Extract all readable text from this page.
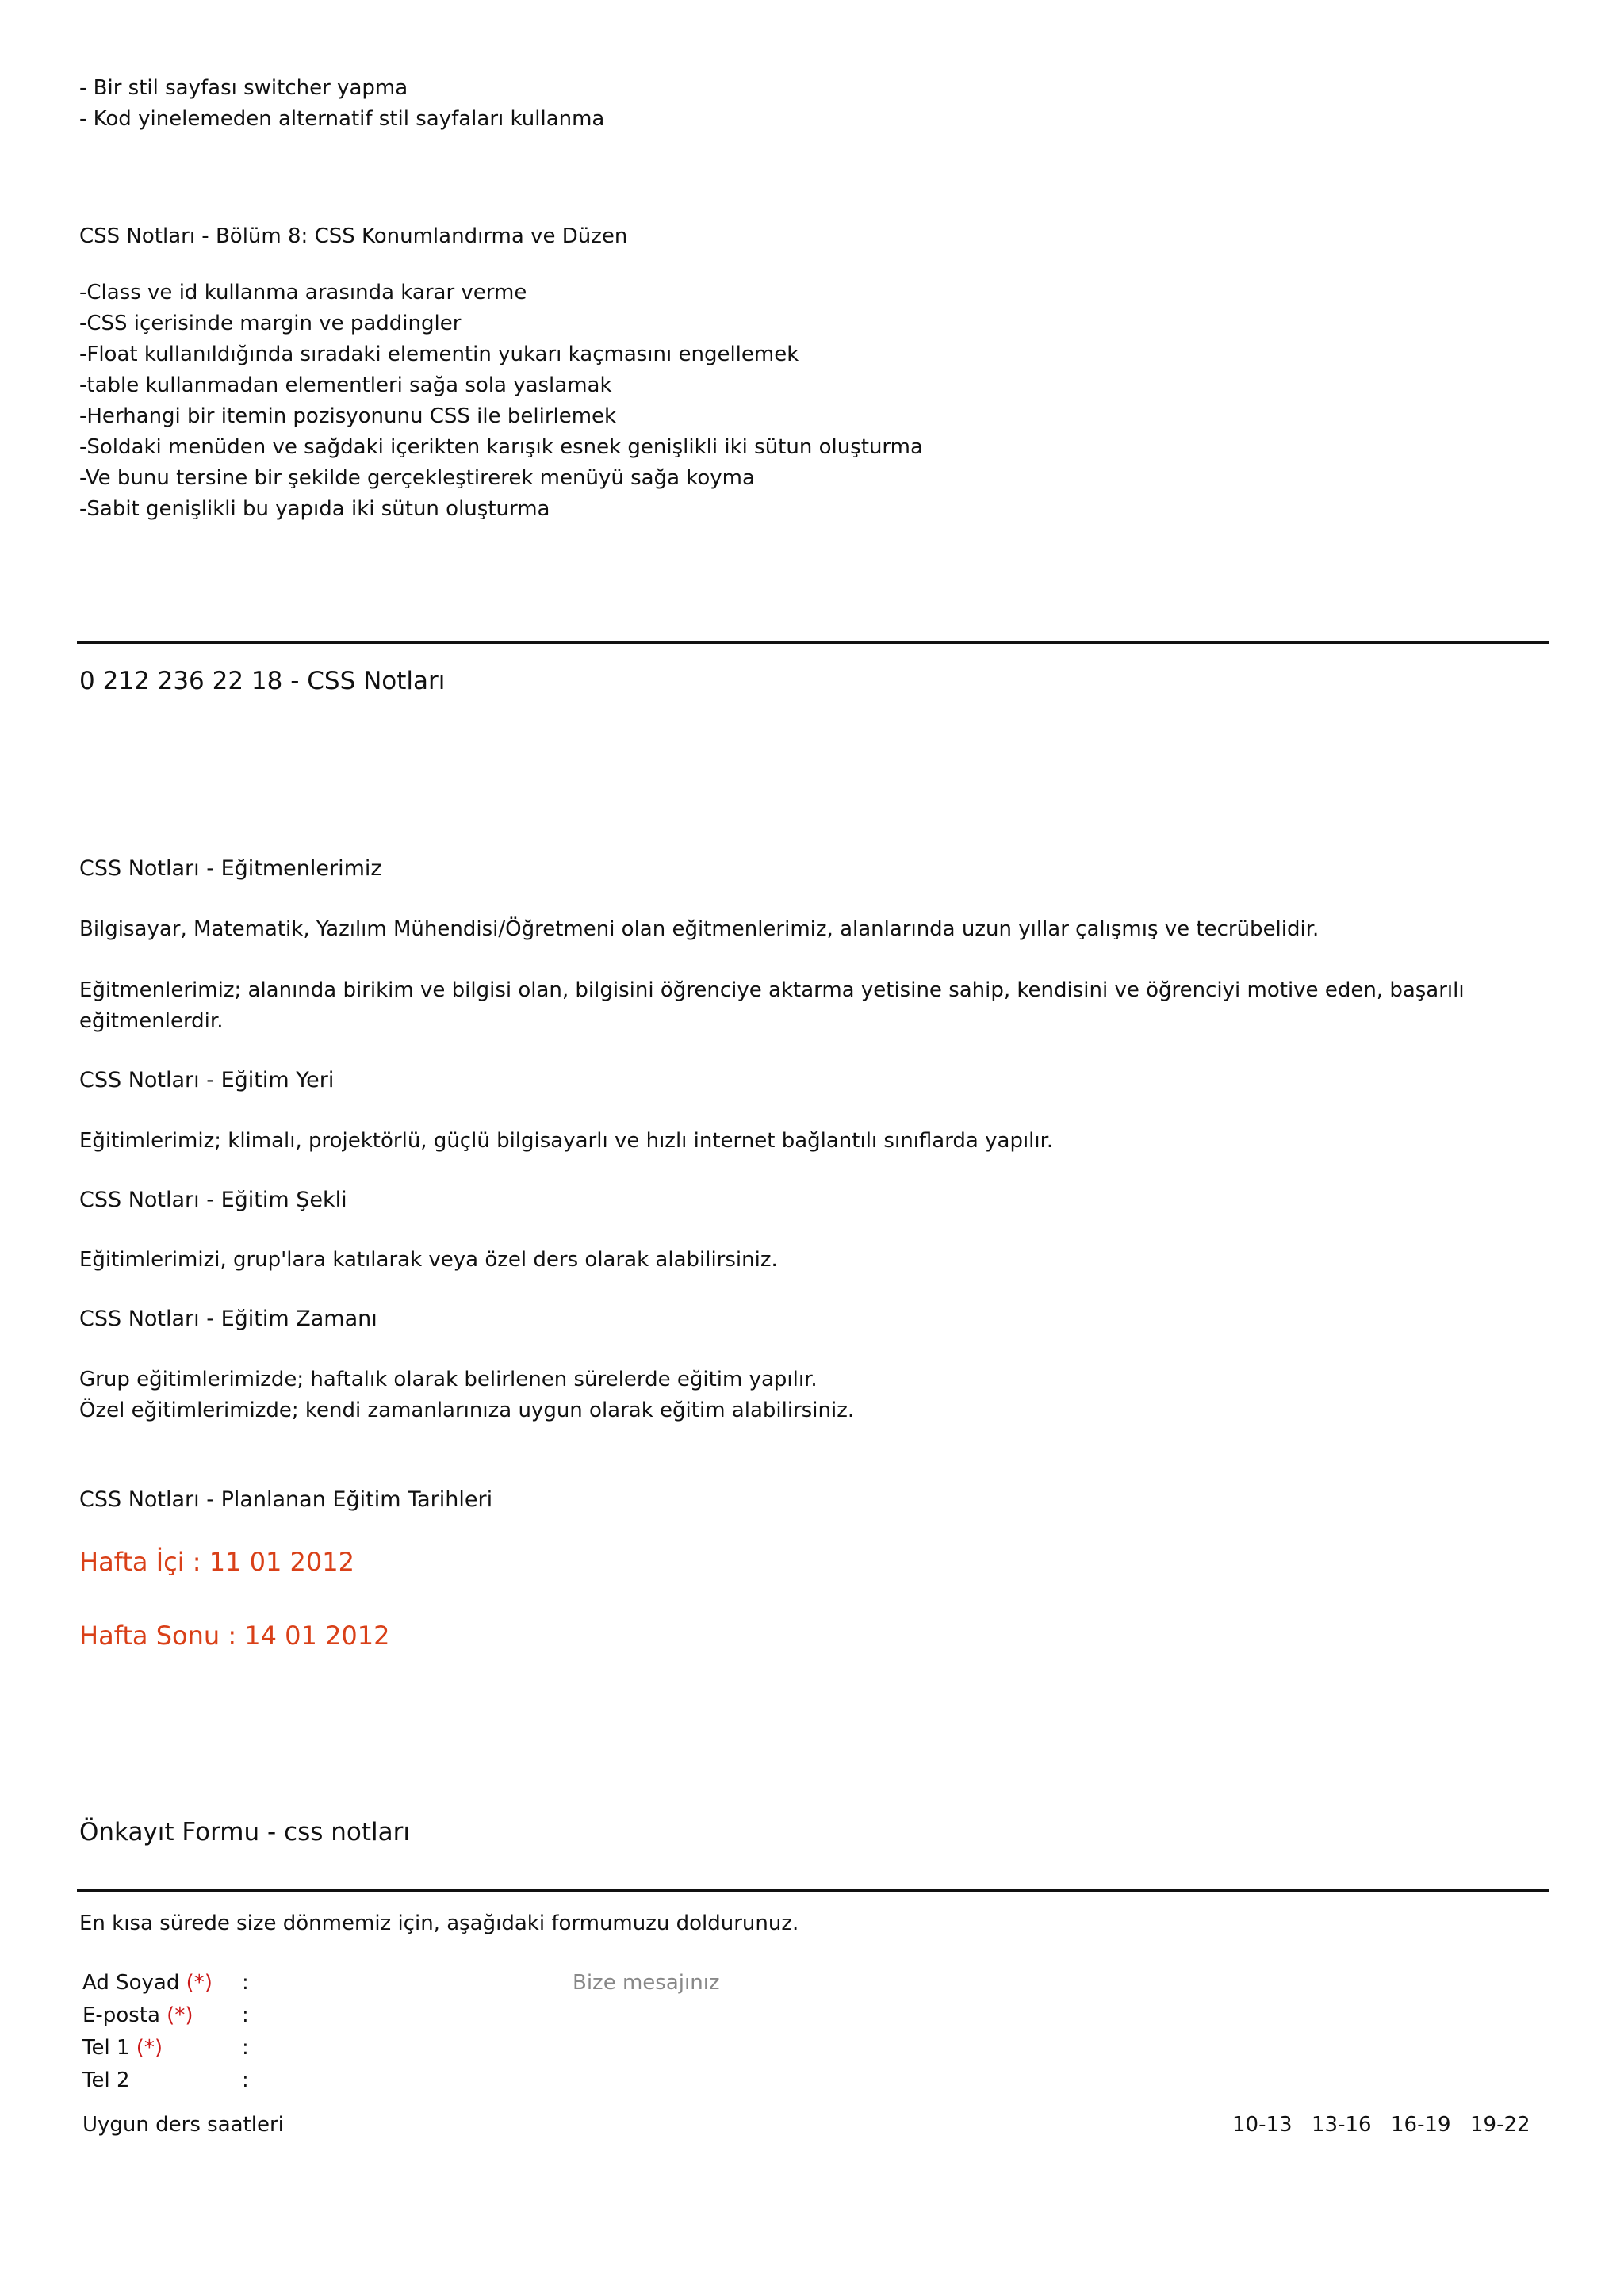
- Bir stil sayfası switcher yapma
- Kod yinelemeden alternatif stil sayfaları kullanma
CSS Notları - Bölüm 8: CSS Konumlandırma ve Düzen
-Class ve id kullanma arasında karar verme
-CSS içerisinde margin ve paddingler
-Float kullanıldığında sıradaki elementin yukarı kaçmasını engellemek
-table kullanmadan elementleri sağa sola yaslamak
-Herhangi bir itemin pozisyonunu CSS ile belirlemek
-Soldaki menüden ve sağdaki içerikten karışık esnek genişlikli iki sütun oluşturma
-Ve bunu tersine bir şekilde gerçekleştirerek menüyü sağa koyma
-Sabit genişlikli bu yapıda iki sütun oluşturma
0 212 236 22 18 - CSS Notları
CSS Notları - Eğitmenlerimiz
Bilgisayar, Matematik, Yazılım Mühendisi/Öğretmeni olan eğitmenlerimiz, alanlarında uzun yıllar çalışmış ve tecrübelidir.
Eğitmenlerimiz; alanında birikim ve bilgisi olan, bilgisini öğrenciye aktarma yetisine sahip, kendisini ve öğrenciyi motive eden, başarılı
eğitmenlerdir.
CSS Notları - Eğitim Yeri
Eğitimlerimiz; klimalı, projektörlü, güçlü bilgisayarlı ve hızlı internet bağlantılı sınıflarda yapılır.
CSS Notları - Eğitim Şekli
Eğitimlerimizi, grup'lara katılarak veya özel ders olarak alabilirsiniz.
CSS Notları - Eğitim Zamanı
Grup eğitimlerimizde; haftalık olarak belirlenen sürelerde eğitim yapılır.
Özel eğitimlerimizde; kendi zamanlarınıza uygun olarak eğitim alabilirsiniz.
CSS Notları - Planlanan Eğitim Tarihleri
Hafta İçi : 11 01 2012
Hafta Sonu : 14 01 2012
Önkayıt Formu - css notları
En kısa sürede size dönmemiz için, aşağıdaki formumuzu doldurunuz.
Ad Soyad (*) :
E-posta (*) :
Tel 1 (*)	:
Tel 2	:
Bize mesajınız
Uygun ders saatleri	10-13 13-16 16-19 19-22
